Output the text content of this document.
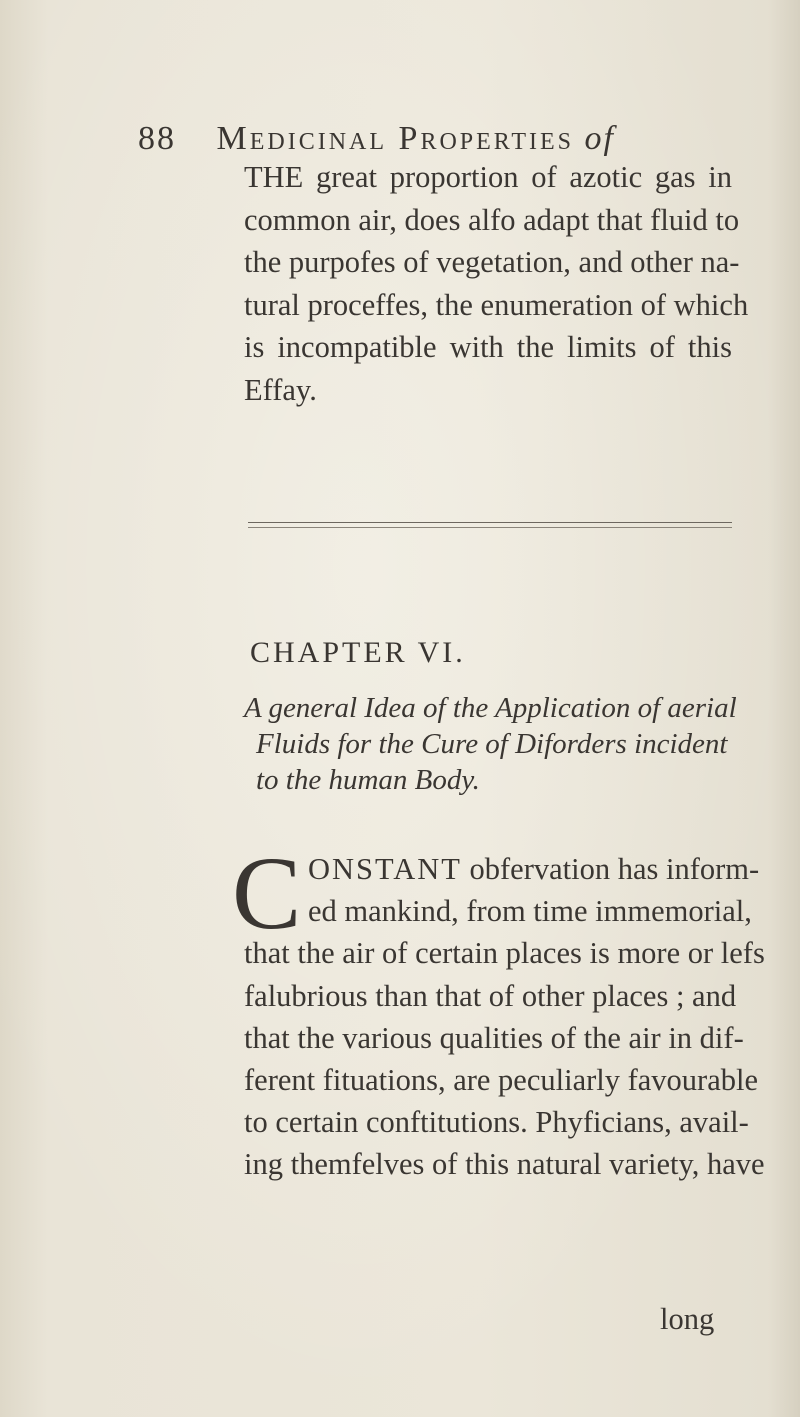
88 Medicinal Properties of
THE great proportion of azotic gas in
common air, does alfo adapt that fluid to
the purpofes of vegetation, and other na-
tural proceffes, the enumeration of which
is incompatible with the limits of this
Effay.
CHAPTER VI.
A general Idea of the Application of aerial
Fluids for the Cure of Diforders incident
to the human Body.
C ONSTANT obfervation has inform-
ed mankind, from time immemorial,
that the air of certain places is more or lefs
falubrious than that of other places ; and
that the various qualities of the air in dif-
ferent fituations, are peculiarly favourable
to certain conftitutions. Phyficians, avail-
ing themfelves of this natural variety, have
long
